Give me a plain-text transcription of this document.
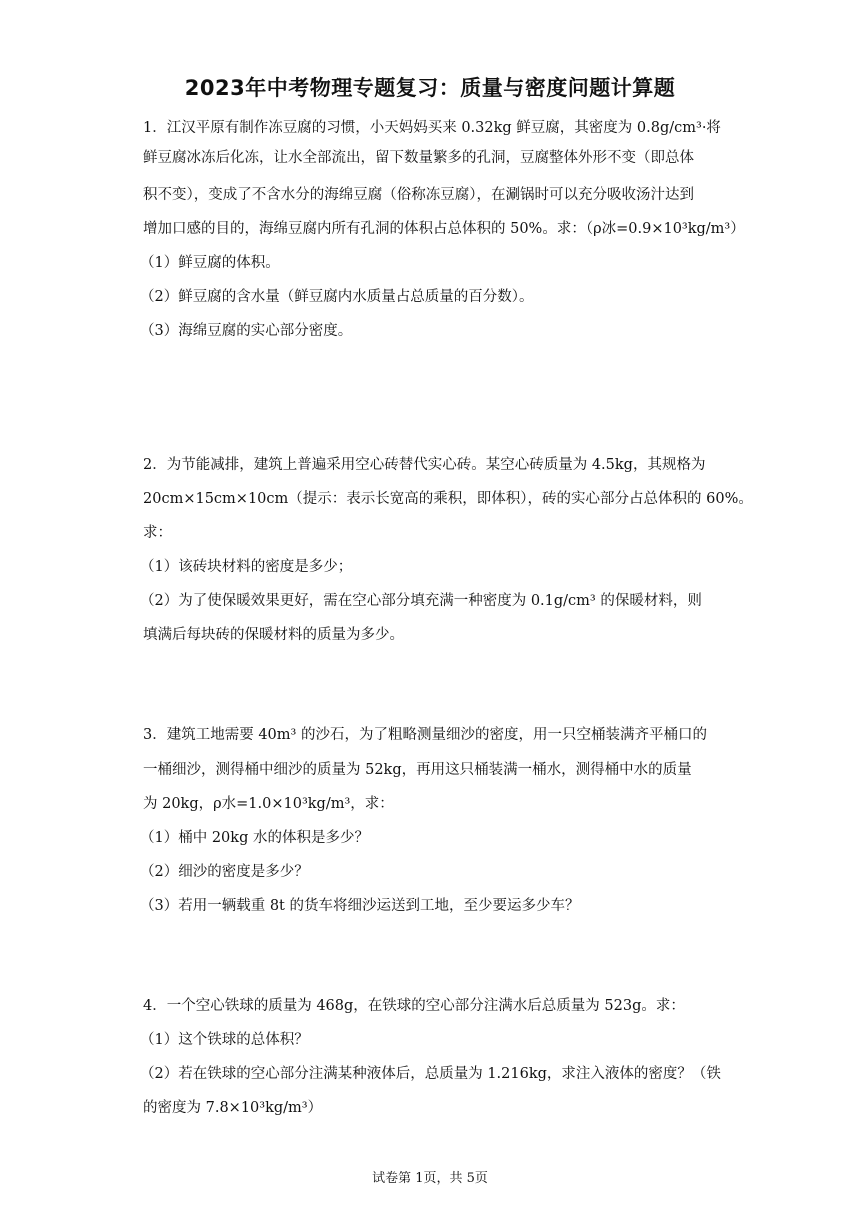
2023年中考物理专题复习：质量与密度问题计算题
1．江汉平原有制作冻豆腐的习惯，小天妈妈买来 0.32kg 鲜豆腐，其密度为 0.8g/cm³·将
鲜豆腐冰冻后化冻，让水全部流出，留下数量繁多的孔洞，豆腐整体外形不变（即总体
积不变），变成了不含水分的海绵豆腐（俗称冻豆腐），在涮锅时可以充分吸收汤汁达到
增加口感的目的，海绵豆腐内所有孔洞的体积占总体积的 50%。求：（ρ冰=0.9×10³kg/m³）
（1）鲜豆腐的体积。
（2）鲜豆腐的含水量（鲜豆腐内水质量占总质量的百分数）。
（3）海绵豆腐的实心部分密度。
2．为节能减排，建筑上普遍采用空心砖替代实心砖。某空心砖质量为 4.5kg，其规格为
20cm×15cm×10cm（提示：表示长宽高的乘积，即体积），砖的实心部分占总体积的 60%。
求：
（1）该砖块材料的密度是多少；
（2）为了使保暖效果更好，需在空心部分填充满一种密度为 0.1g/cm³ 的保暖材料，则
填满后每块砖的保暖材料的质量为多少。
3．建筑工地需要 40m³ 的沙石，为了粗略测量细沙的密度，用一只空桶装满齐平桶口的
一桶细沙，测得桶中细沙的质量为 52kg，再用这只桶装满一桶水，测得桶中水的质量
为 20kg，ρ水=1.0×10³kg/m³，求：
（1）桶中 20kg 水的体积是多少？
（2）细沙的密度是多少？
（3）若用一辆载重 8t 的货车将细沙运送到工地，至少要运多少车？
4．一个空心铁球的质量为 468g，在铁球的空心部分注满水后总质量为 523g。求：
（1）这个铁球的总体积？
（2）若在铁球的空心部分注满某种液体后，总质量为 1.216kg，求注入液体的密度？（铁
的密度为 7.8×10³kg/m³）
试卷第 1页，共 5页
